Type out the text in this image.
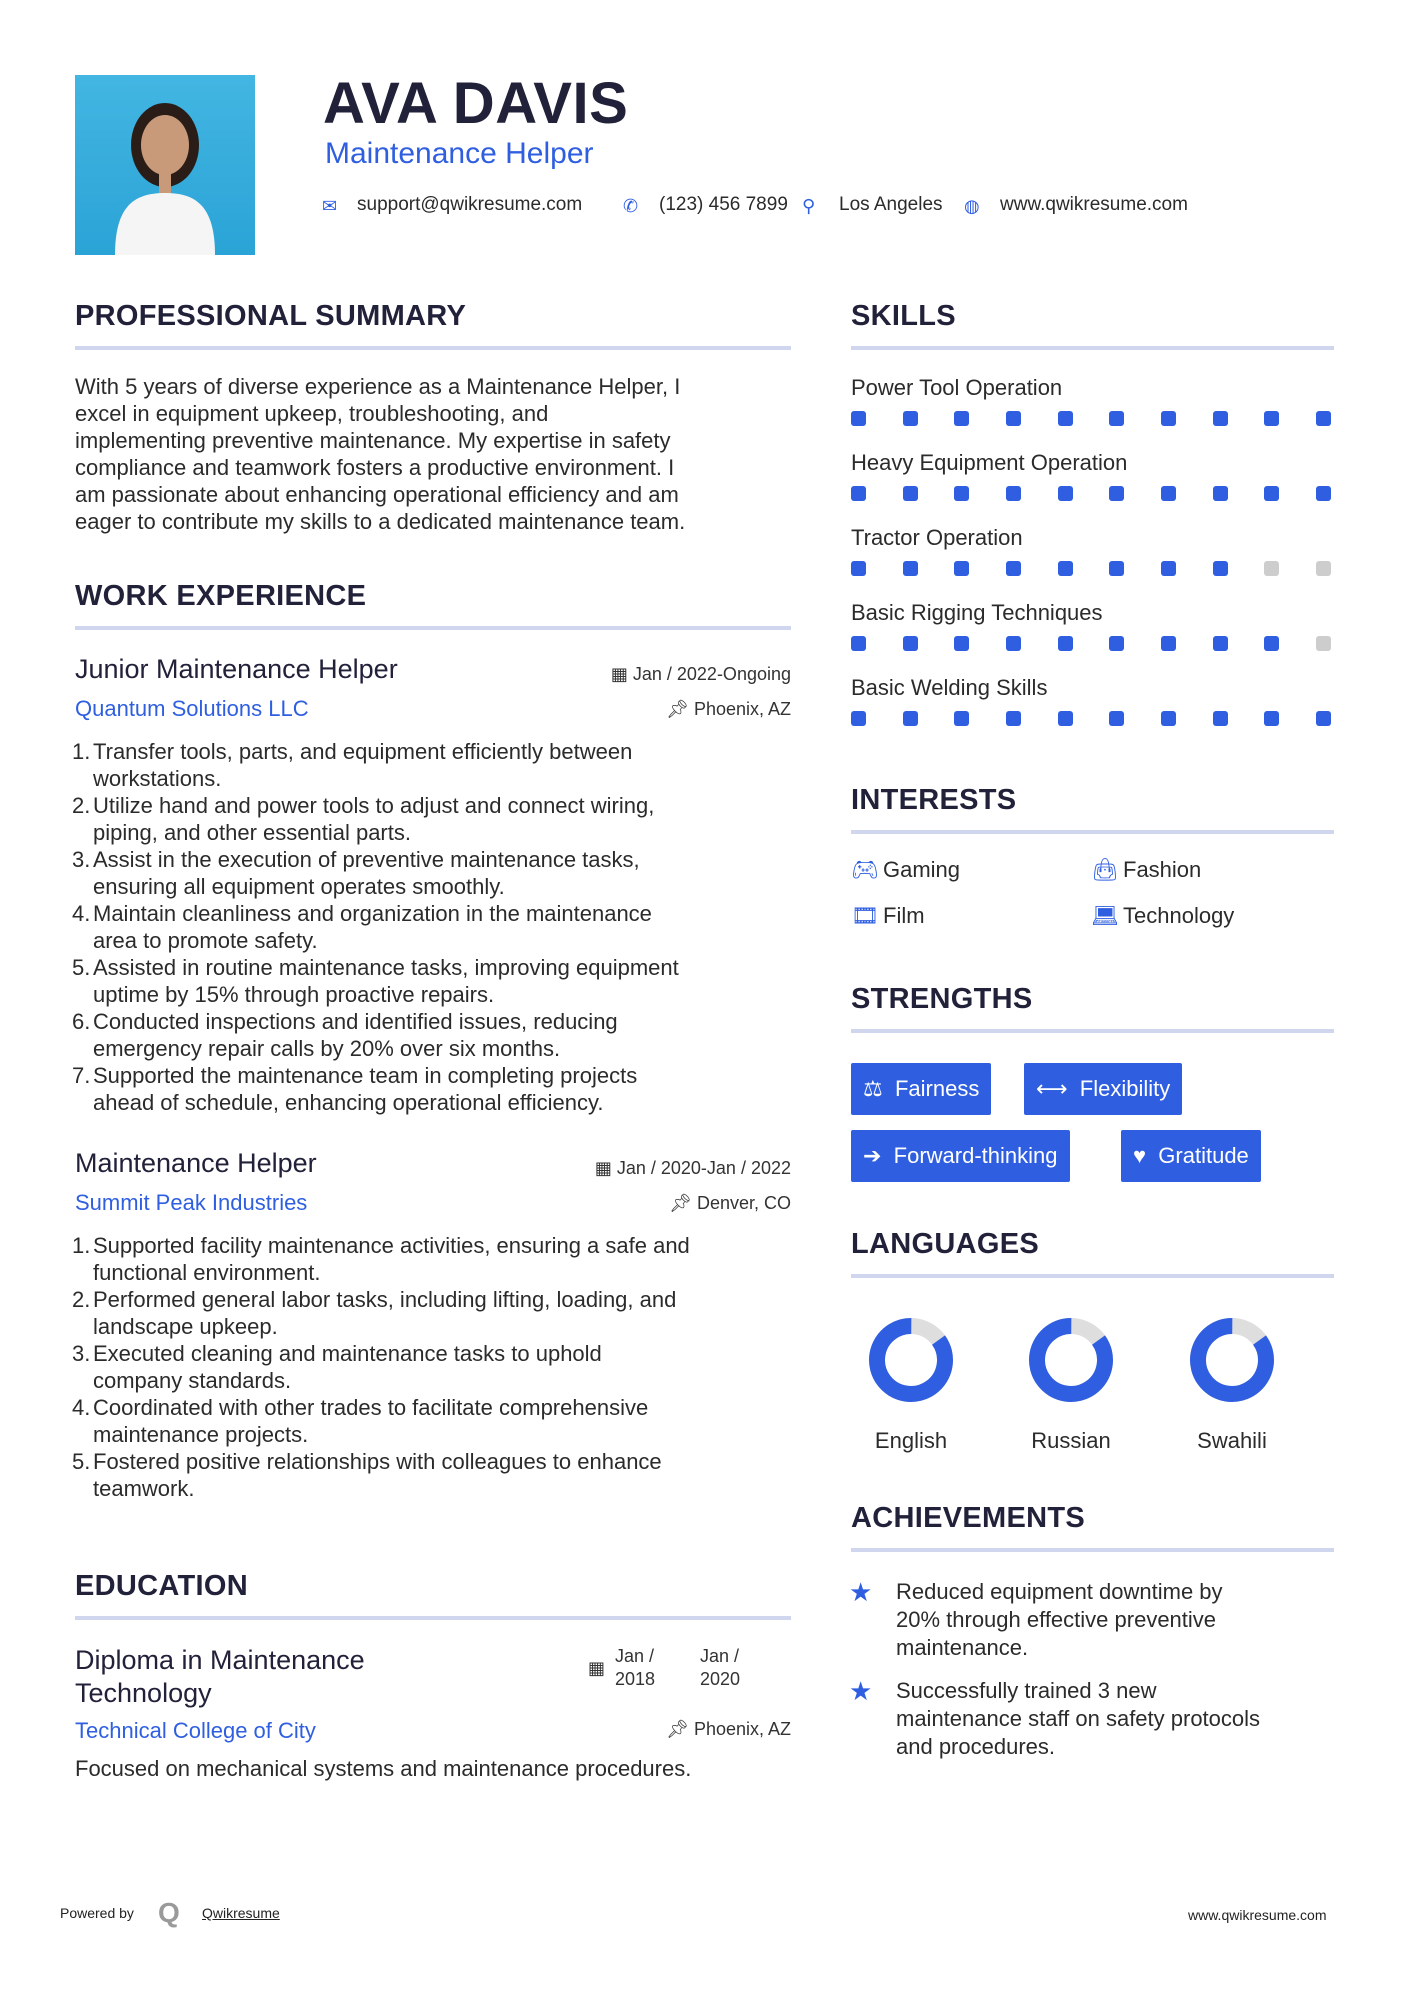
AVA DAVIS
Maintenance Helper
✉ support@qwikresume.com ✆ (123) 456 7899 ⚲ Los Angeles ◍ www.qwikresume.com
PROFESSIONAL SUMMARY
With 5 years of diverse experience as a Maintenance Helper, I
excel in equipment upkeep, troubleshooting, and
implementing preventive maintenance. My expertise in safety
compliance and teamwork fosters a productive environment. I
am passionate about enhancing operational efficiency and am
eager to contribute my skills to a dedicated maintenance team.
WORK EXPERIENCE
Junior Maintenance Helper	▦ Jan / 2022-Ongoing
Quantum Solutions LLC	📌︎ Phoenix, AZ
1. Transfer tools, parts, and equipment efficiently between
workstations.
2. Utilize hand and power tools to adjust and connect wiring,
piping, and other essential parts.
3. Assist in the execution of preventive maintenance tasks,
ensuring all equipment operates smoothly.
4. Maintain cleanliness and organization in the maintenance
area to promote safety.
5. Assisted in routine maintenance tasks, improving equipment
uptime by 15% through proactive repairs.
6. Conducted inspections and identified issues, reducing
emergency repair calls by 20% over six months.
7. Supported the maintenance team in completing projects
ahead of schedule, enhancing operational efficiency.
Maintenance Helper	▦ Jan / 2020-Jan / 2022
Summit Peak Industries	📌︎ Denver, CO
1. Supported facility maintenance activities, ensuring a safe and
functional environment.
2. Performed general labor tasks, including lifting, loading, and
landscape upkeep.
3. Executed cleaning and maintenance tasks to uphold
company standards.
4. Coordinated with other trades to facilitate comprehensive
maintenance projects.
5. Fostered positive relationships with colleagues to enhance
teamwork.
EDUCATION
Diploma in Maintenance
Technology
▦
Jan /
2018
Jan /
2020
Technical College of City	📌︎ Phoenix, AZ
Focused on mechanical systems and maintenance procedures.
SKILLS
Power Tool Operation
Heavy Equipment Operation
Tractor Operation
Basic Rigging Techniques
Basic Welding Skills
INTERESTS
🎮︎ Gaming	👜︎ Fashion
🎞︎ Film	💻︎ Technology
STRENGTHS
⚖ Fairness	⟷ Flexibility
➔ Forward-thinking	♥ Gratitude
LANGUAGES
English	Russian	Swahili
ACHIEVEMENTS
★ Reduced equipment downtime by
20% through effective preventive
maintenance.
★ Successfully trained 3 new
maintenance staff on safety protocols
and procedures.
Powered by Q Qwikresume	www.qwikresume.com
